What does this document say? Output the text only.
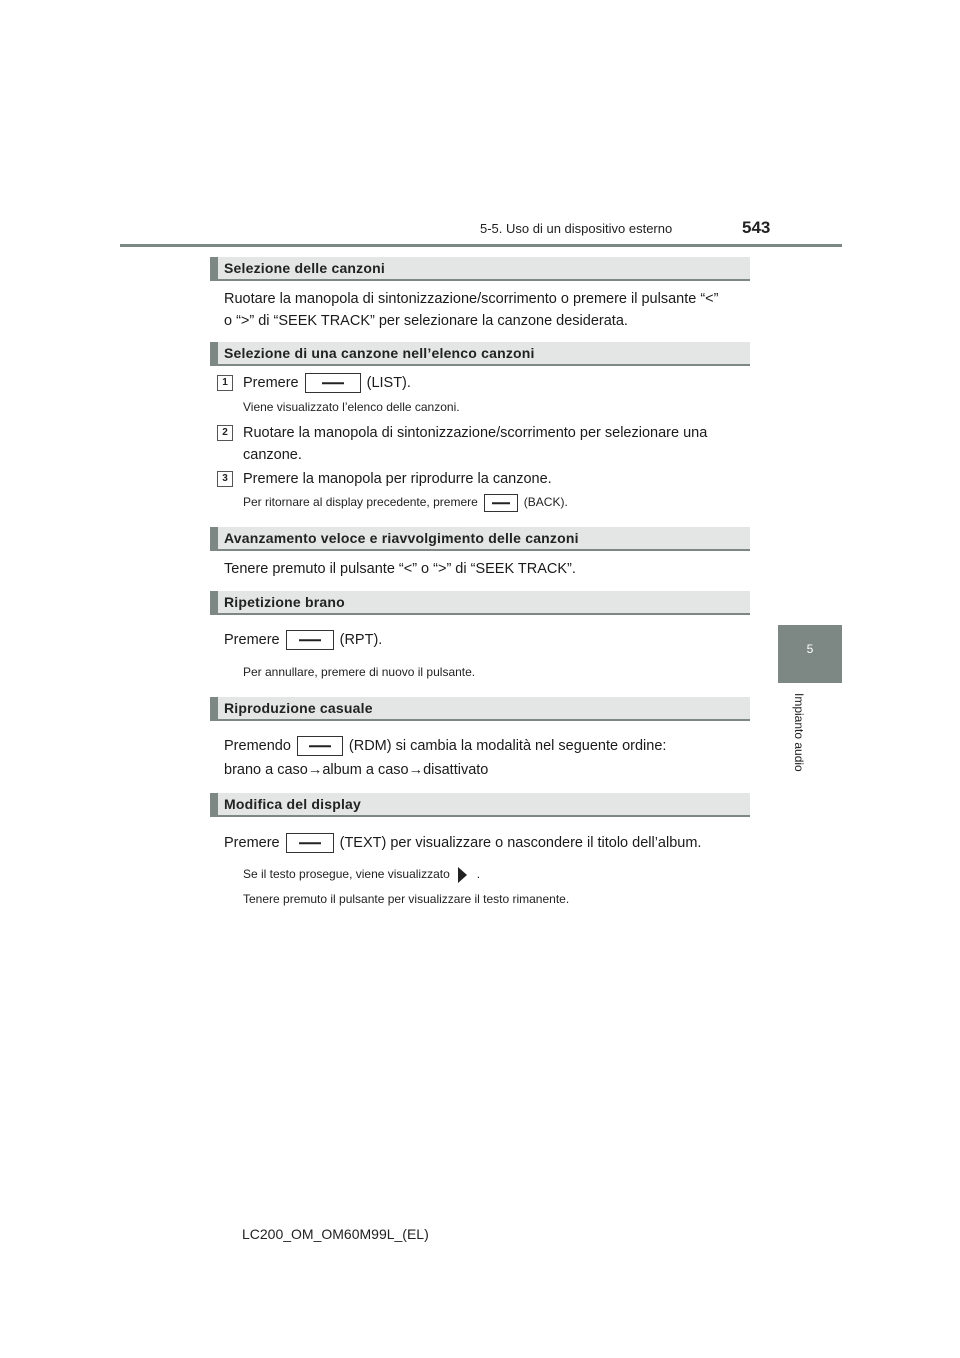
5-5. Uso di un dispositivo esterno	543
5
Impianto audio
Selezione delle canzoni
Ruotare la manopola di sintonizzazione/scorrimento o premere il pulsante “<”
o “>” di “SEEK TRACK” per selezionare la canzone desiderata.
Selezione di una canzone nell’elenco canzoni
1	Premere	(LIST).
Viene visualizzato l’elenco delle canzoni.
2	Ruotare la manopola di sintonizzazione/scorrimento per selezionare una
canzone.
3	Premere la manopola per riprodurre la canzone.
Per ritornare al display precedente, premere	(BACK).
Avanzamento veloce e riavvolgimento delle canzoni
Tenere premuto il pulsante “<” o “>” di “SEEK TRACK”.
Ripetizione brano
Premere	(RPT).
Per annullare, premere di nuovo il pulsante.
Riproduzione casuale
Premendo	(RDM) si cambia la modalità nel seguente ordine:
brano a caso→album a caso→disattivato
Modifica del display
Premere	(TEXT) per visualizzare o nascondere il titolo dell’album.
Se il testo prosegue, viene visualizzato .
Tenere premuto il pulsante per visualizzare il testo rimanente.
LC200_OM_OM60M99L_(EL)
